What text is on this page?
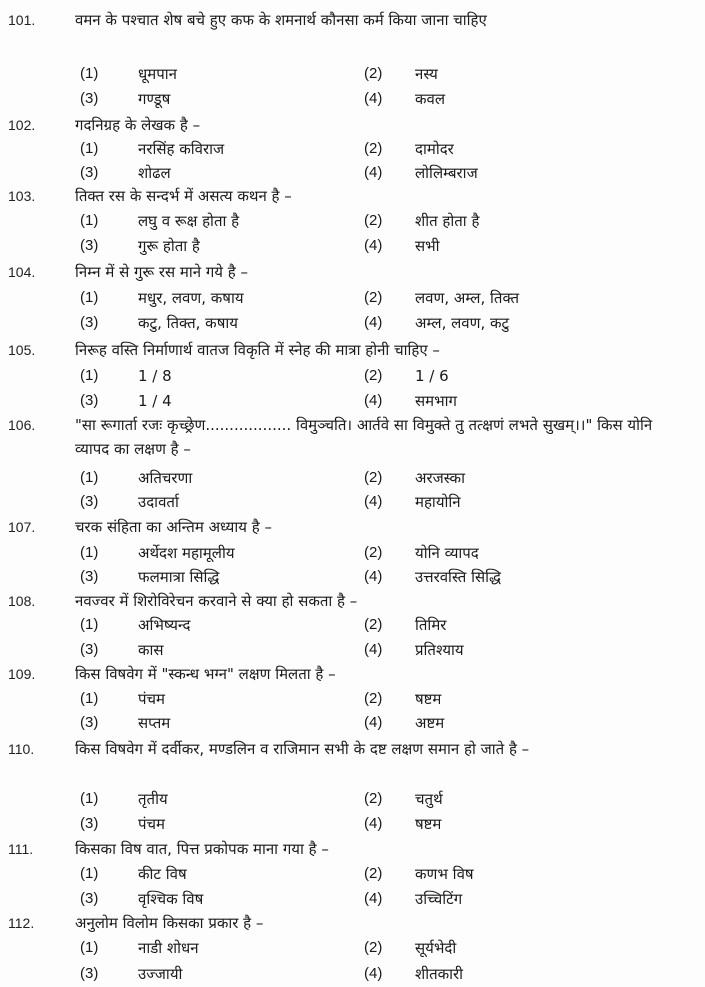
101.	वमन के पश्चात शेष बचे हुए कफ के शमनार्थ कौनसा कर्म किया जाना चाहिए
(1)	धूमपान	(2) नस्य
(3)	गण्डूष	(4) कवल
102.	गदनिग्रह के लेखक है –
(1)	नरसिंह कविराज	(2) दामोदर
(3)	शोढल	(4) लोलिम्बराज
103.	तिक्त रस के सन्दर्भ में असत्य कथन है –
(1)	लघु व रूक्ष होता है	(2) शीत होता है
(3)	गुरू होता है	(4) सभी
104.	निम्न में से गुरू रस माने गये है –
(1)	मधुर, लवण, कषाय	(2) लवण, अम्ल, तिक्त
(3)	कटु, तिक्त, कषाय	(4) अम्ल, लवण, कटु
105.	निरूह वस्ति निर्माणार्थ वातज विकृति में स्नेह की मात्रा होनी चाहिए –
(1)	1 / 8	(2) 1 / 6
(3)	1 / 4	(4) समभाग
106.	"सा रूगार्ता रजः कृच्छ्रेण.................. विमुञ्चति। आर्तवे सा विमुक्ते तु तत्क्षणं लभते सुखम्।।" किस योनि व्यापद का लक्षण है –
(1)	अतिचरणा	(2) अरजस्का
(3)	उदावर्ता	(4) महायोनि
107.	चरक संहिता का अन्तिम अध्याय है –
(1)	अर्थेदश महामूलीय	(2) योनि व्यापद
(3)	फलमात्रा सिद्धि	(4) उत्तरवस्ति सिद्धि
108.	नवज्वर में शिरोविरेचन करवाने से क्या हो सकता है –
(1)	अभिष्यन्द	(2) तिमिर
(3)	कास	(4) प्रतिश्याय
109.	किस विषवेग में "स्कन्ध भग्न" लक्षण मिलता है –
(1)	पंचम	(2) षष्टम
(3)	सप्तम	(4) अष्टम
110.	किस विषवेग में दर्वीकर, मण्डलिन व राजिमान सभी के दष्ट लक्षण समान हो जाते है –
(1)	तृतीय	(2) चतुर्थ
(3)	पंचम	(4) षष्टम
111.	किसका विष वात, पित्त प्रकोपक माना गया है –
(1)	कीट विष	(2) कणभ विष
(3)	वृश्चिक विष	(4) उच्चिटिंग
112.	अनुलोम विलोम किसका प्रकार है –
(1)	नाडी शोधन	(2) सूर्यभेदी
(3)	उज्जायी	(4) शीतकारी
